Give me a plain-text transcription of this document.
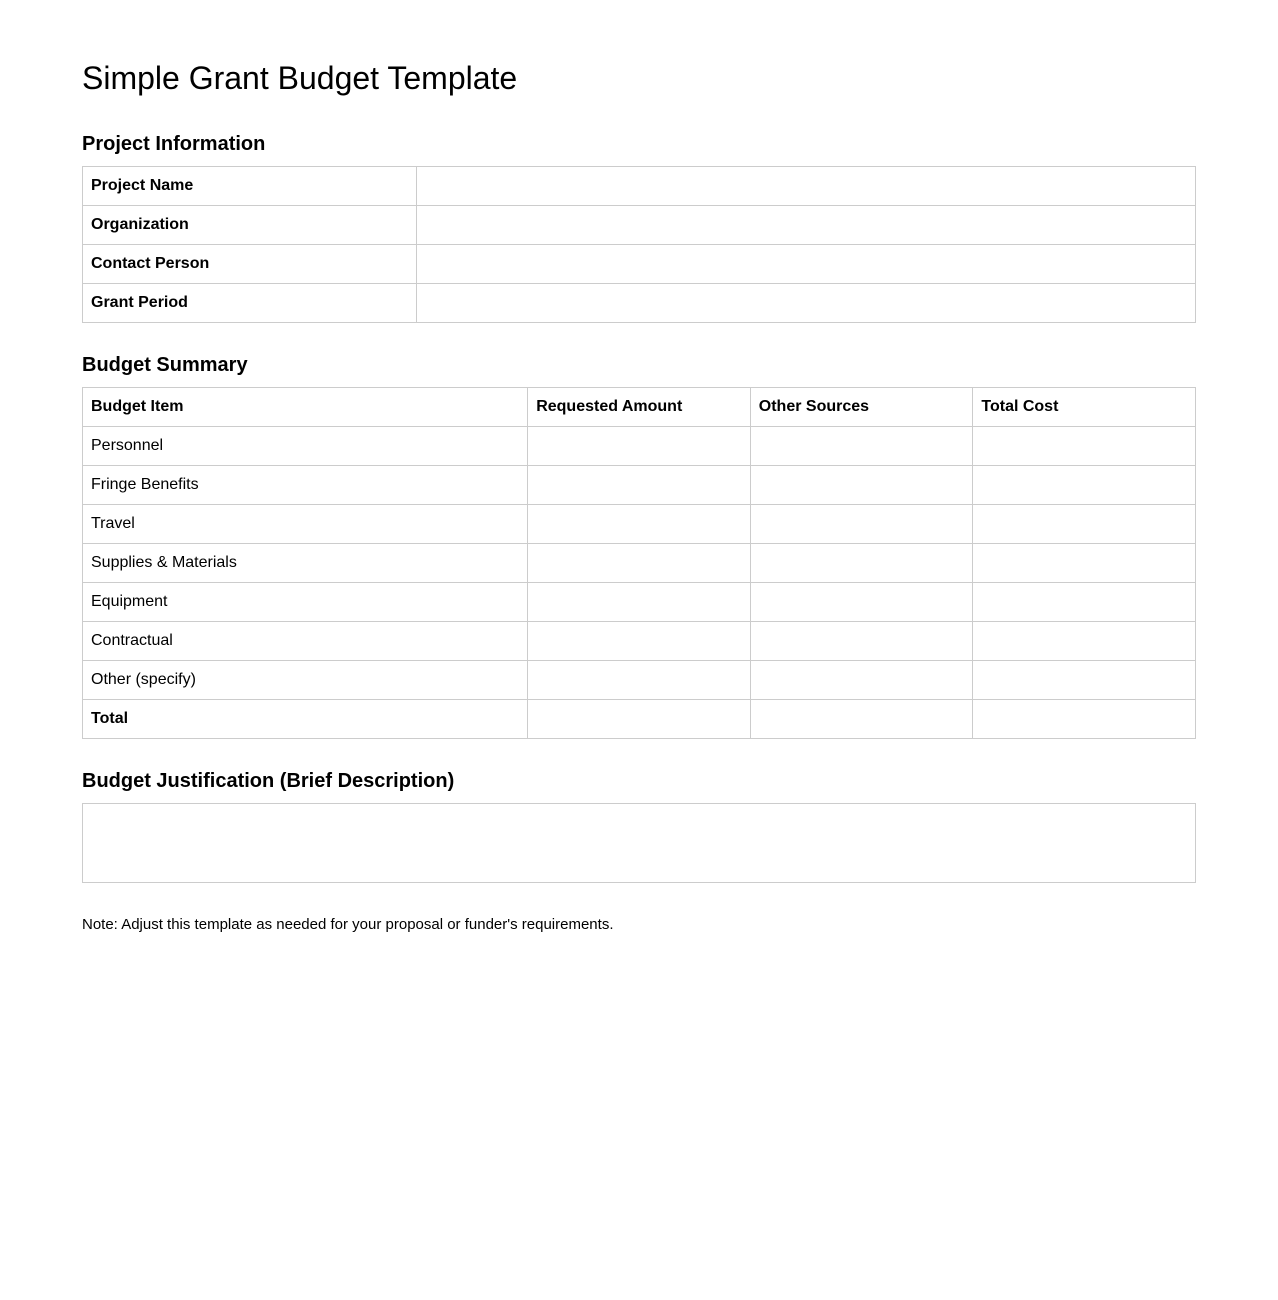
Simple Grant Budget Template
Project Information
Project Name	
Organization	
Contact Person	
Grant Period	
Budget Summary
Budget Item	Requested Amount	Other Sources	Total Cost
Personnel			
Fringe Benefits			
Travel			
Supplies & Materials			
Equipment			
Contractual			
Other (specify)			
Total			
Budget Justification (Brief Description)

Note: Adjust this template as needed for your proposal or funder's requirements.
